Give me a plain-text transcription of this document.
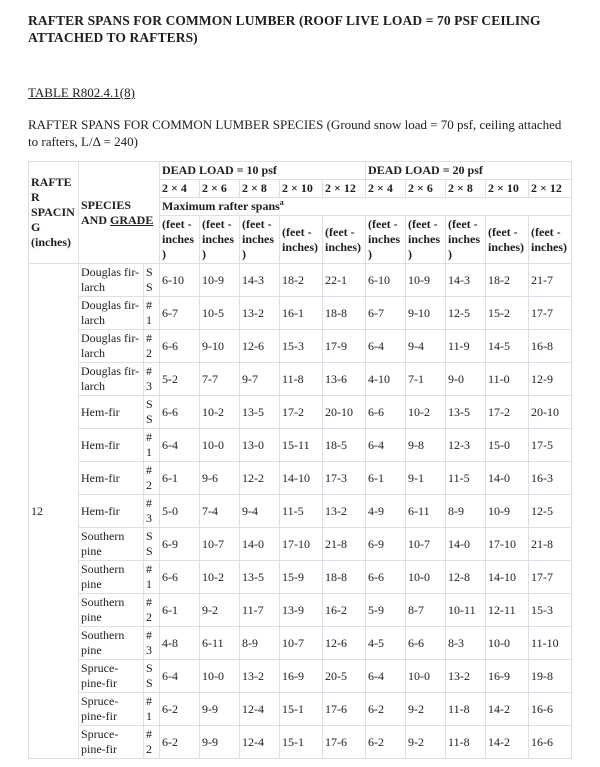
RAFTER SPANS FOR COMMON LUMBER (ROOF LIVE LOAD = 70 PSF CEILING ATTACHED TO RAFTERS)

TABLE R802.4.1(8)

RAFTER SPANS FOR COMMON LUMBER SPECIES (Ground snow load = 70 psf, ceiling attached to rafters, L/Δ = 240)

RAFTER SPACING (inches)	SPECIES AND GRADE		DEAD LOAD = 10 psf					DEAD LOAD = 20 psf				
			2 × 4	2 × 6	2 × 8	2 × 10	2 × 12	2 × 4	2 × 6	2 × 8	2 × 10	2 × 12
			Maximum rafter spans$^a$
			(feet - inches)	(feet - inches)	(feet - inches)	(feet - inches)	(feet - inches)	(feet - inches)	(feet - inches)	(feet - inches)	(feet - inches)	(feet - inches)
12	Douglas fir-larch	SS	6-10	10-9	14-3	18-2	22-1	6-10	10-9	14-3	18-2	21-7
	Douglas fir-larch	#1	6-7	10-5	13-2	16-1	18-8	6-7	9-10	12-5	15-2	17-7
	Douglas fir-larch	#2	6-6	9-10	12-6	15-3	17-9	6-4	9-4	11-9	14-5	16-8
	Douglas fir-larch	#3	5-2	7-7	9-7	11-8	13-6	4-10	7-1	9-0	11-0	12-9
	Hem-fir	SS	6-6	10-2	13-5	17-2	20-10	6-6	10-2	13-5	17-2	20-10
	Hem-fir	#1	6-4	10-0	13-0	15-11	18-5	6-4	9-8	12-3	15-0	17-5
	Hem-fir	#2	6-1	9-6	12-2	14-10	17-3	6-1	9-1	11-5	14-0	16-3
	Hem-fir	#3	5-0	7-4	9-4	11-5	13-2	4-9	6-11	8-9	10-9	12-5
	Southern pine	SS	6-9	10-7	14-0	17-10	21-8	6-9	10-7	14-0	17-10	21-8
	Southern pine	#1	6-6	10-2	13-5	15-9	18-8	6-6	10-0	12-8	14-10	17-7
	Southern pine	#2	6-1	9-2	11-7	13-9	16-2	5-9	8-7	10-11	12-11	15-3
	Southern pine	#3	4-8	6-11	8-9	10-7	12-6	4-5	6-6	8-3	10-0	11-10
	Spruce-pine-fir	SS	6-4	10-0	13-2	16-9	20-5	6-4	10-0	13-2	16-9	19-8
	Spruce-pine-fir	#1	6-2	9-9	12-4	15-1	17-6	6-2	9-2	11-8	14-2	16-6
	Spruce-pine-fir	#2	6-2	9-9	12-4	15-1	17-6	6-2	9-2	11-8	14-2	16-6
